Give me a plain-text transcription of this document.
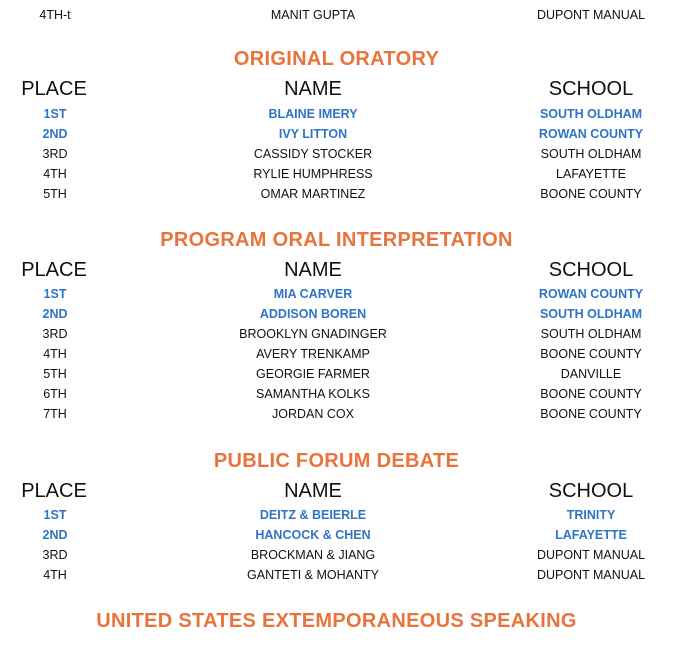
4TH-t	MANIT GUPTA	DUPONT MANUAL
ORIGINAL ORATORY
PLACE	NAME	SCHOOL
1ST	BLAINE IMERY	SOUTH OLDHAM
2ND	IVY LITTON	ROWAN COUNTY
3RD	CASSIDY STOCKER	SOUTH OLDHAM
4TH	RYLIE HUMPHRESS	LAFAYETTE
5TH	OMAR MARTINEZ	BOONE COUNTY
PROGRAM ORAL INTERPRETATION
PLACE	NAME	SCHOOL
1ST	MIA CARVER	ROWAN COUNTY
2ND	ADDISON BOREN	SOUTH OLDHAM
3RD	BROOKLYN GNADINGER	SOUTH OLDHAM
4TH	AVERY TRENKAMP	BOONE COUNTY
5TH	GEORGIE FARMER	DANVILLE
6TH	SAMANTHA KOLKS	BOONE COUNTY
7TH	JORDAN COX	BOONE COUNTY
PUBLIC FORUM DEBATE
PLACE	NAME	SCHOOL
1ST	DEITZ & BEIERLE	TRINITY
2ND	HANCOCK & CHEN	LAFAYETTE
3RD	BROCKMAN & JIANG	DUPONT MANUAL
4TH	GANTETI & MOHANTY	DUPONT MANUAL
UNITED STATES EXTEMPORANEOUS SPEAKING
